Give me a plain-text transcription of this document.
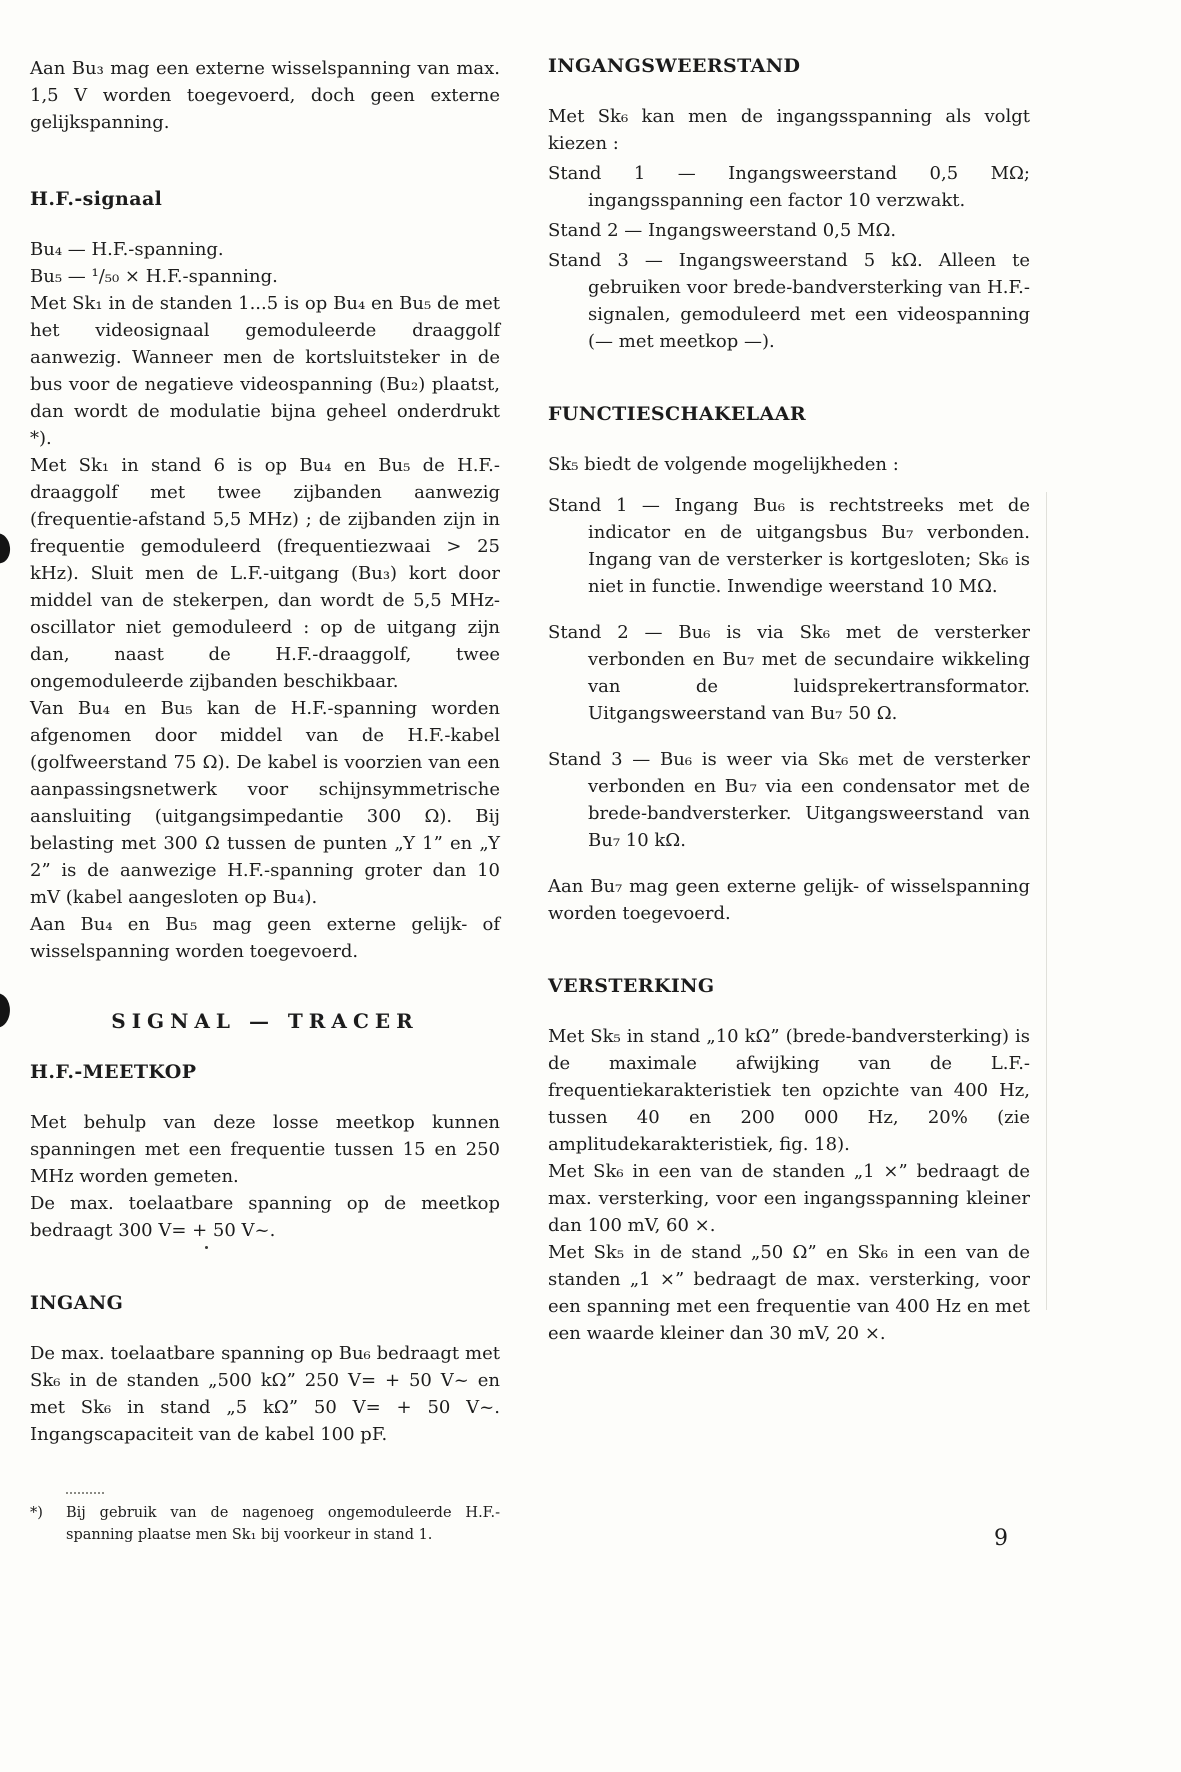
Aan Bu₃ mag een externe wisselspanning van max. 1,5 V worden toegevoerd, doch geen externe gelijkspanning.

H.F.-signaal

Bu₄ — H.F.-spanning.

Bu₅ — ¹/₅₀ × H.F.-spanning.

Met Sk₁ in de standen 1...5 is op Bu₄ en Bu₅ de met het videosignaal gemoduleerde draaggolf aanwezig. Wanneer men de kortsluitsteker in de bus voor de negatieve videospanning (Bu₂) plaatst, dan wordt de modulatie bijna geheel onderdrukt *).

Met Sk₁ in stand 6 is op Bu₄ en Bu₅ de H.F.-draaggolf met twee zijbanden aanwezig (frequentie-afstand 5,5 MHz) ; de zijbanden zijn in frequentie gemoduleerd (frequentiezwaai > 25 kHz). Sluit men de L.F.-uitgang (Bu₃) kort door middel van de stekerpen, dan wordt de 5,5 MHz-oscillator niet gemoduleerd : op de uitgang zijn dan, naast de H.F.-draaggolf, twee ongemoduleerde zijbanden beschikbaar.

Van Bu₄ en Bu₅ kan de H.F.-spanning worden afgenomen door middel van de H.F.-kabel (golfweerstand 75 Ω). De kabel is voorzien van een aanpassingsnetwerk voor schijnsymmetrische aansluiting (uitgangsimpedantie 300 Ω). Bij belasting met 300 Ω tussen de punten „Y 1” en „Y 2” is de aanwezige H.F.-spanning groter dan 10 mV (kabel aangesloten op Bu₄).

Aan Bu₄ en Bu₅ mag geen externe gelijk- of wisselspanning worden toegevoerd.

SIGNAL — TRACER
H.F.-MEETKOP

Met behulp van deze losse meetkop kunnen spanningen met een frequentie tussen 15 en 250 MHz worden gemeten.

De max. toelaatbare spanning op de meetkop bedraagt 300 V= + 50 V~.

INGANG

De max. toelaatbare spanning op Bu₆ bedraagt met Sk₆ in de standen „500 kΩ” 250 V= + 50 V~ en met Sk₆ in stand „5 kΩ” 50 V= + 50 V~. Ingangscapaciteit van de kabel 100 pF.

*) Bij gebruik van de nagenoeg ongemoduleerde H.F.-spanning plaatse men Sk₁ bij voorkeur in stand 1.

INGANGSWEERSTAND

Met Sk₆ kan men de ingangsspanning als volgt kiezen :

Stand 1 — Ingangsweerstand 0,5 MΩ; ingangsspanning een factor 10 verzwakt.

Stand 2 — Ingangsweerstand 0,5 MΩ.

Stand 3 — Ingangsweerstand 5 kΩ. Alleen te gebruiken voor brede-bandversterking van H.F.-signalen, gemoduleerd met een videospanning (— met meetkop —).

FUNCTIESCHAKELAAR

Sk₅ biedt de volgende mogelijkheden :

Stand 1 — Ingang Bu₆ is rechtstreeks met de indicator en de uitgangsbus Bu₇ verbonden. Ingang van de versterker is kortgesloten; Sk₆ is niet in functie. Inwendige weerstand 10 MΩ.

Stand 2 — Bu₆ is via Sk₆ met de versterker verbonden en Bu₇ met de secundaire wikkeling van de luidsprekertransformator. Uitgangsweerstand van Bu₇ 50 Ω.

Stand 3 — Bu₆ is weer via Sk₆ met de versterker verbonden en Bu₇ via een condensator met de brede-bandversterker. Uitgangsweerstand van Bu₇ 10 kΩ.

Aan Bu₇ mag geen externe gelijk- of wisselspanning worden toegevoerd.

VERSTERKING

Met Sk₅ in stand „10 kΩ” (brede-bandversterking) is de maximale afwijking van de L.F.-frequentiekarakteristiek ten opzichte van 400 Hz, tussen 40 en 200 000 Hz, 20% (zie amplitudekarakteristiek, fig. 18).

Met Sk₆ in een van de standen „1 ×” bedraagt de max. versterking, voor een ingangsspanning kleiner dan 100 mV, 60 ×.

Met Sk₅ in de stand „50 Ω” en Sk₆ in een van de standen „1 ×” bedraagt de max. versterking, voor een spanning met een frequentie van 400 Hz en met een waarde kleiner dan 30 mV, 20 ×.

9
